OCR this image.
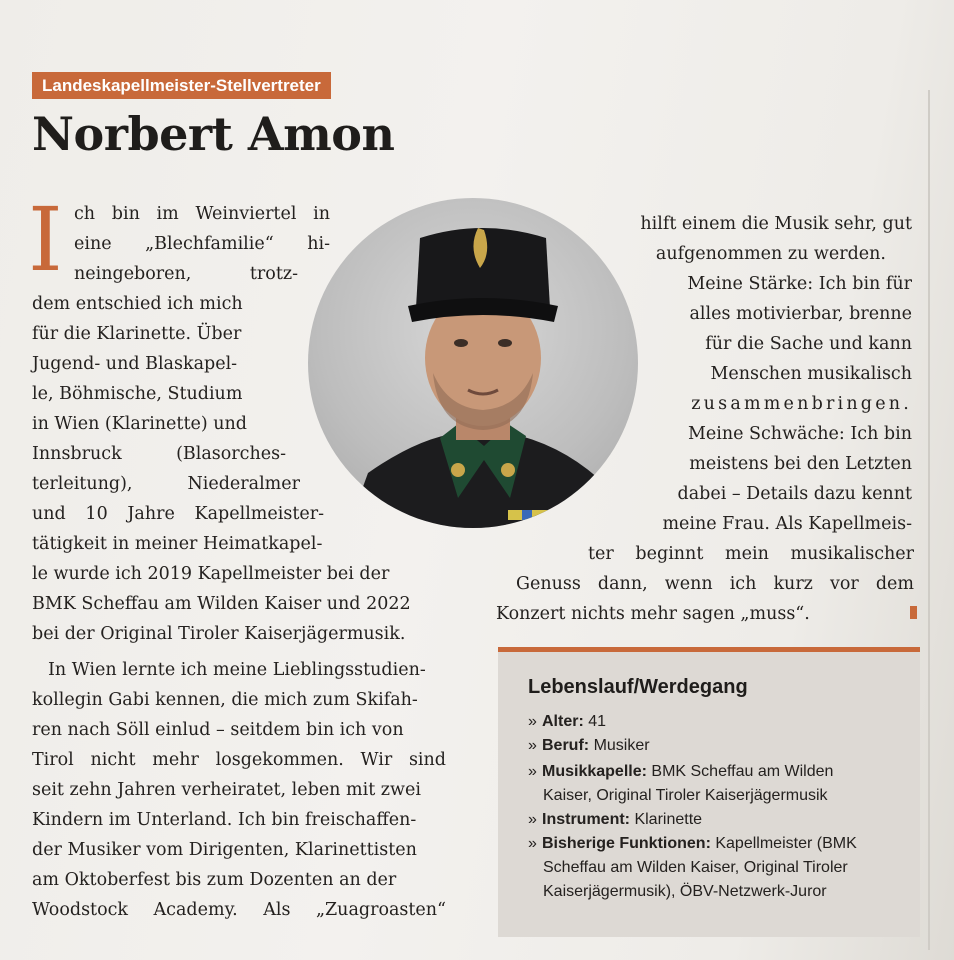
Landeskapellmeister-Stellvertreter
Norbert Amon
I ch bin im Weinviertel in

eine „Blechfamilie“ hi-

neingeboren, trotz-

dem entschied ich mich

für die Klarinette. Über

Jugend- und Blaskapel-

le, Böhmische, Studium

in Wien (Klarinette) und

Innsbruck (Blasorches-

terleitung), Niederalmer

und 10 Jahre Kapellmeister-

tätigkeit in meiner Heimatkapel-

le wurde ich 2019 Kapellmeister bei der

BMK Scheffau am Wilden Kaiser und 2022

bei der Original Tiroler Kaiserjägermusik.

In Wien lernte ich meine Lieblingsstudien-

kollegin Gabi kennen, die mich zum Skifah-

ren nach Söll einlud – seitdem bin ich von

Tirol nicht mehr losgekommen. Wir sind

seit zehn Jahren verheiratet, leben mit zwei

Kindern im Unterland. Ich bin freischaffen-

der Musiker vom Dirigenten, Klarinettisten

am Oktoberfest bis zum Dozenten an der

Woodstock Academy. Als „Zuagroasten“

hilft einem die Musik sehr, gut

aufgenommen zu werden.

Meine Stärke: Ich bin für

alles motivierbar, brenne

für die Sache und kann

Menschen musikalisch

zusammenbringen.

Meine Schwäche: Ich bin

meistens bei den Letzten

dabei – Details dazu kennt

meine Frau. Als Kapellmeis-

ter beginnt mein musikalischer

Genuss dann, wenn ich kurz vor dem

Konzert nichts mehr sagen „muss“.

Lebenslauf/Werdegang

» Alter: 41

» Beruf: Musiker

» Musikkapelle: BMK Scheffau am Wilden

Kaiser, Original Tiroler Kaiserjägermusik

» Instrument: Klarinette

» Bisherige Funktionen: Kapellmeister (BMK

Scheffau am Wilden Kaiser, Original Tiroler

Kaiserjägermusik), ÖBV-Netzwerk-Juror
